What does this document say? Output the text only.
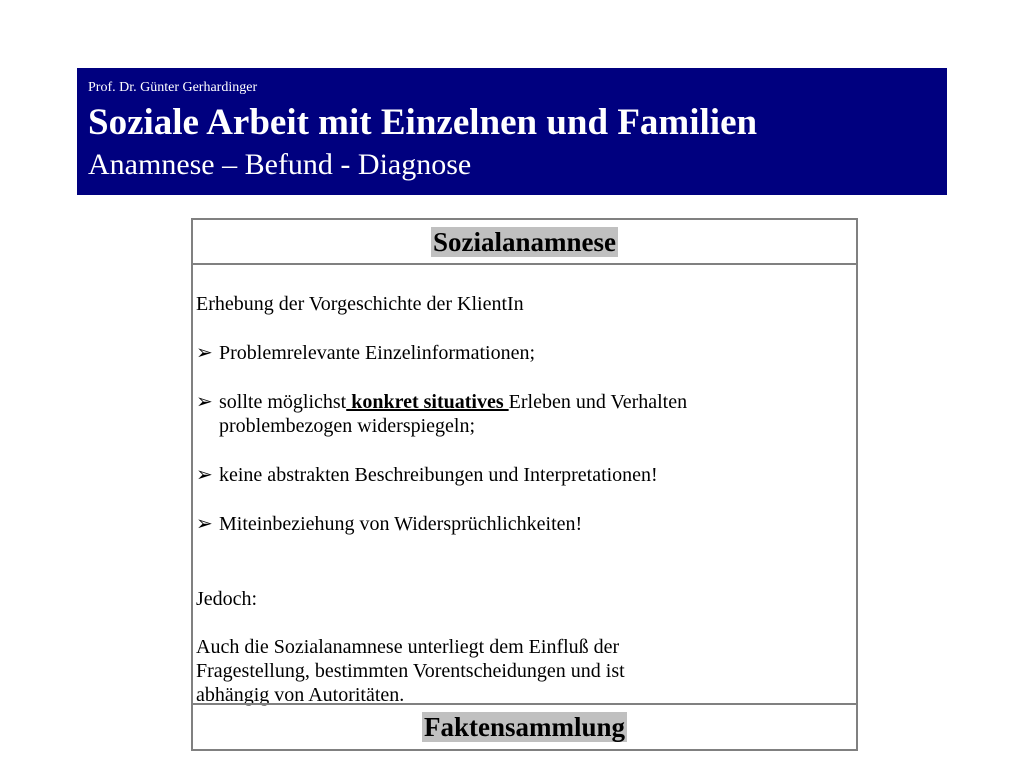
Prof. Dr. Günter Gerhardinger
Soziale Arbeit mit Einzelnen und Familien
Anamnese – Befund - Diagnose
Sozialanamnese
Erhebung der Vorgeschichte der KlientIn
➢ Problemrelevante Einzelinformationen;
➢ sollte möglichst konkret situatives Erleben und Verhalten
problembezogen widerspiegeln;
➢ keine abstrakten Beschreibungen und Interpretationen!
➢ Miteinbeziehung von Widersprüchlichkeiten!
Jedoch:
Auch die Sozialanamnese unterliegt dem Einfluß der
Fragestellung, bestimmten Vorentscheidungen und ist
abhängig von Autoritäten.
Faktensammlung
